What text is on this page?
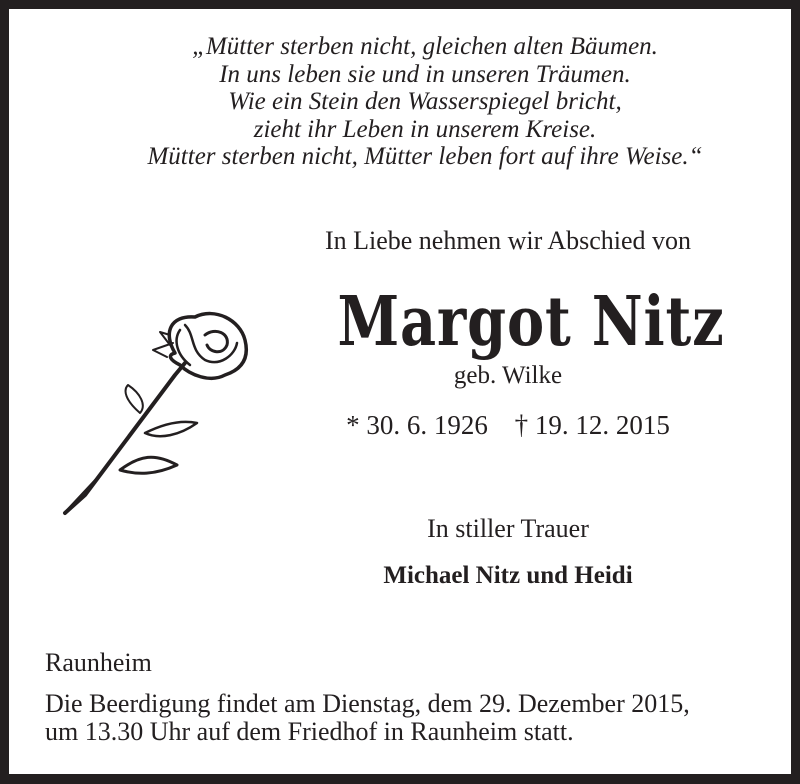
„Mütter sterben nicht, gleichen alten Bäumen.
In uns leben sie und in unseren Träumen.
Wie ein Stein den Wasserspiegel bricht,
zieht ihr Leben in unserem Kreise.
Mütter sterben nicht, Mütter leben fort auf ihre Weise.“
In Liebe nehmen wir Abschied von
Margot Nitz
geb. Wilke
* 30. 6. 1926 † 19. 12. 2015
In stiller Trauer
Michael Nitz und Heidi
Raunheim
Die Beerdigung findet am Dienstag, dem 29. Dezember 2015,
um 13.30 Uhr auf dem Friedhof in Raunheim statt.
